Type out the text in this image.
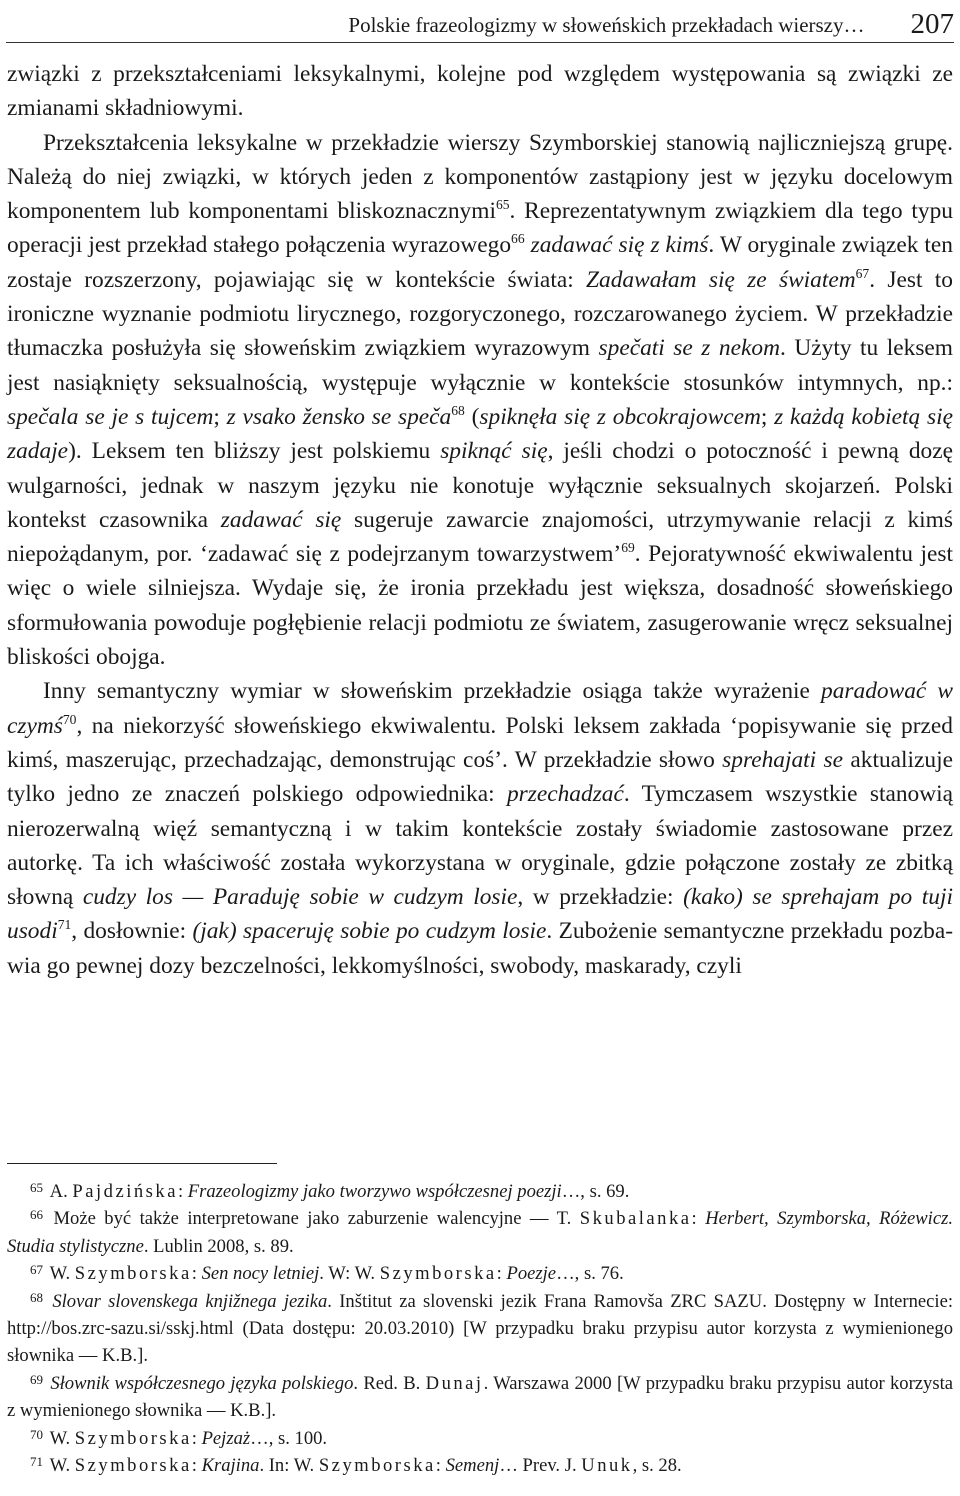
Polskie frazeologizmy w słoweńskich przekładach wierszy… 207

związki z przekształceniami leksykalnymi, kolejne pod względem występowania są związki ze zmianami składniowymi.

Przekształcenia leksykalne w przekładzie wierszy Szymborskiej stanowią najliczniejszą grupę. Należą do niej związki, w których jeden z komponentów zastąpiony jest w języku docelowym komponentem lub komponentami bliskoznacznymi$^{65}$. Reprezentatywnym związkiem dla tego typu operacji jest przekład stałego połączenia wyrazowego$^{66}$ zadawać się z kimś. W oryginale związek ten zostaje rozszerzony, pojawiając się w kontekście świata: Zadawałam się ze światem$^{67}$. Jest to ironiczne wyznanie podmiotu lirycznego, rozgoryczonego, rozczarowanego życiem. W przekładzie tłumaczka posłużyła się słoweńskim związkiem wyrazowym spečati se z nekom. Użyty tu leksem jest nasiąknięty seksualnością, występuje wyłącznie w kontekście stosunków intymnych, np.: spečala se je s tujcem; z vsako žensko se speča$^{68}$ (spiknęła się z obcokrajowcem; z każdą kobietą się zadaje). Leksem ten bliższy jest polskiemu spiknąć się, jeśli chodzi o potoczność i pewną dozę wulgarności, jednak w naszym języku nie konotuje wyłącznie seksualnych skojarzeń. Polski kontekst czasownika zadawać się sugeruje zawarcie znajomości, utrzymywanie relacji z kimś niepożądanym, por. ‘zadawać się z podejrzanym towarzystwem’$^{69}$. Pejoratywność ekwiwalentu jest więc o wiele silniejsza. Wydaje się, że ironia przekładu jest większa, dosadność słoweńskiego sformułowania powoduje pogłębienie relacji podmiotu ze światem, zasugerowanie wręcz seksualnej bliskości obojga.

Inny semantyczny wymiar w słoweńskim przekładzie osiąga także wyrażenie paradować w czymś$^{70}$, na niekorzyść słoweńskiego ekwiwalentu. Polski leksem zakłada ‘popisywanie się przed kimś, maszerując, przechadzając, demonstrując coś’. W przekładzie słowo sprehajati se aktualizuje tylko jedno ze znaczeń polskiego odpowiednika: przechadzać. Tymczasem wszystkie stanowią nierozerwalną więź semantyczną i w takim kontekście zostały świadomie zastosowane przez autorkę. Ta ich właściwość została wykorzystana w oryginale, gdzie połączone zostały ze zbitką słowną cudzy los — Paraduję sobie w cudzym losie, w przekładzie: (kako) se sprehajam po tuji usodi$^{71}$, dosłownie: (jak) spaceruję sobie po cudzym losie. Zubożenie semantyczne przekładu pozbawia go pewnej dozy bezczelności, lekkomyślności, swobody, maskarady, czyli

65 A. Pajdzińska: Frazeologizmy jako tworzywo współczesnej poezji…, s. 69.

66 Może być także interpretowane jako zaburzenie walencyjne — T. Skubalanka: Herbert, Szymborska, Różewicz. Studia stylistyczne. Lublin 2008, s. 89.

67 W. Szymborska: Sen nocy letniej. W: W. Szymborska: Poezje…, s. 76.

68 Slovar slovenskega knjižnega jezika. Inštitut za slovenski jezik Frana Ramovša ZRC SAZU. Dostępny w Internecie: http://bos.zrc-sazu.si/sskj.html (Data dostępu: 20.03.2010) [W przypadku braku przypisu autor korzysta z wymienionego słownika — K.B.].

69 Słownik współczesnego języka polskiego. Red. B. Dunaj. Warszawa 2000 [W przypadku braku przypisu autor korzysta z wymienionego słownika — K.B.].

70 W. Szymborska: Pejzaż…, s. 100.

71 W. Szymborska: Krajina. In: W. Szymborska: Semenj… Prev. J. Unuk, s. 28.
